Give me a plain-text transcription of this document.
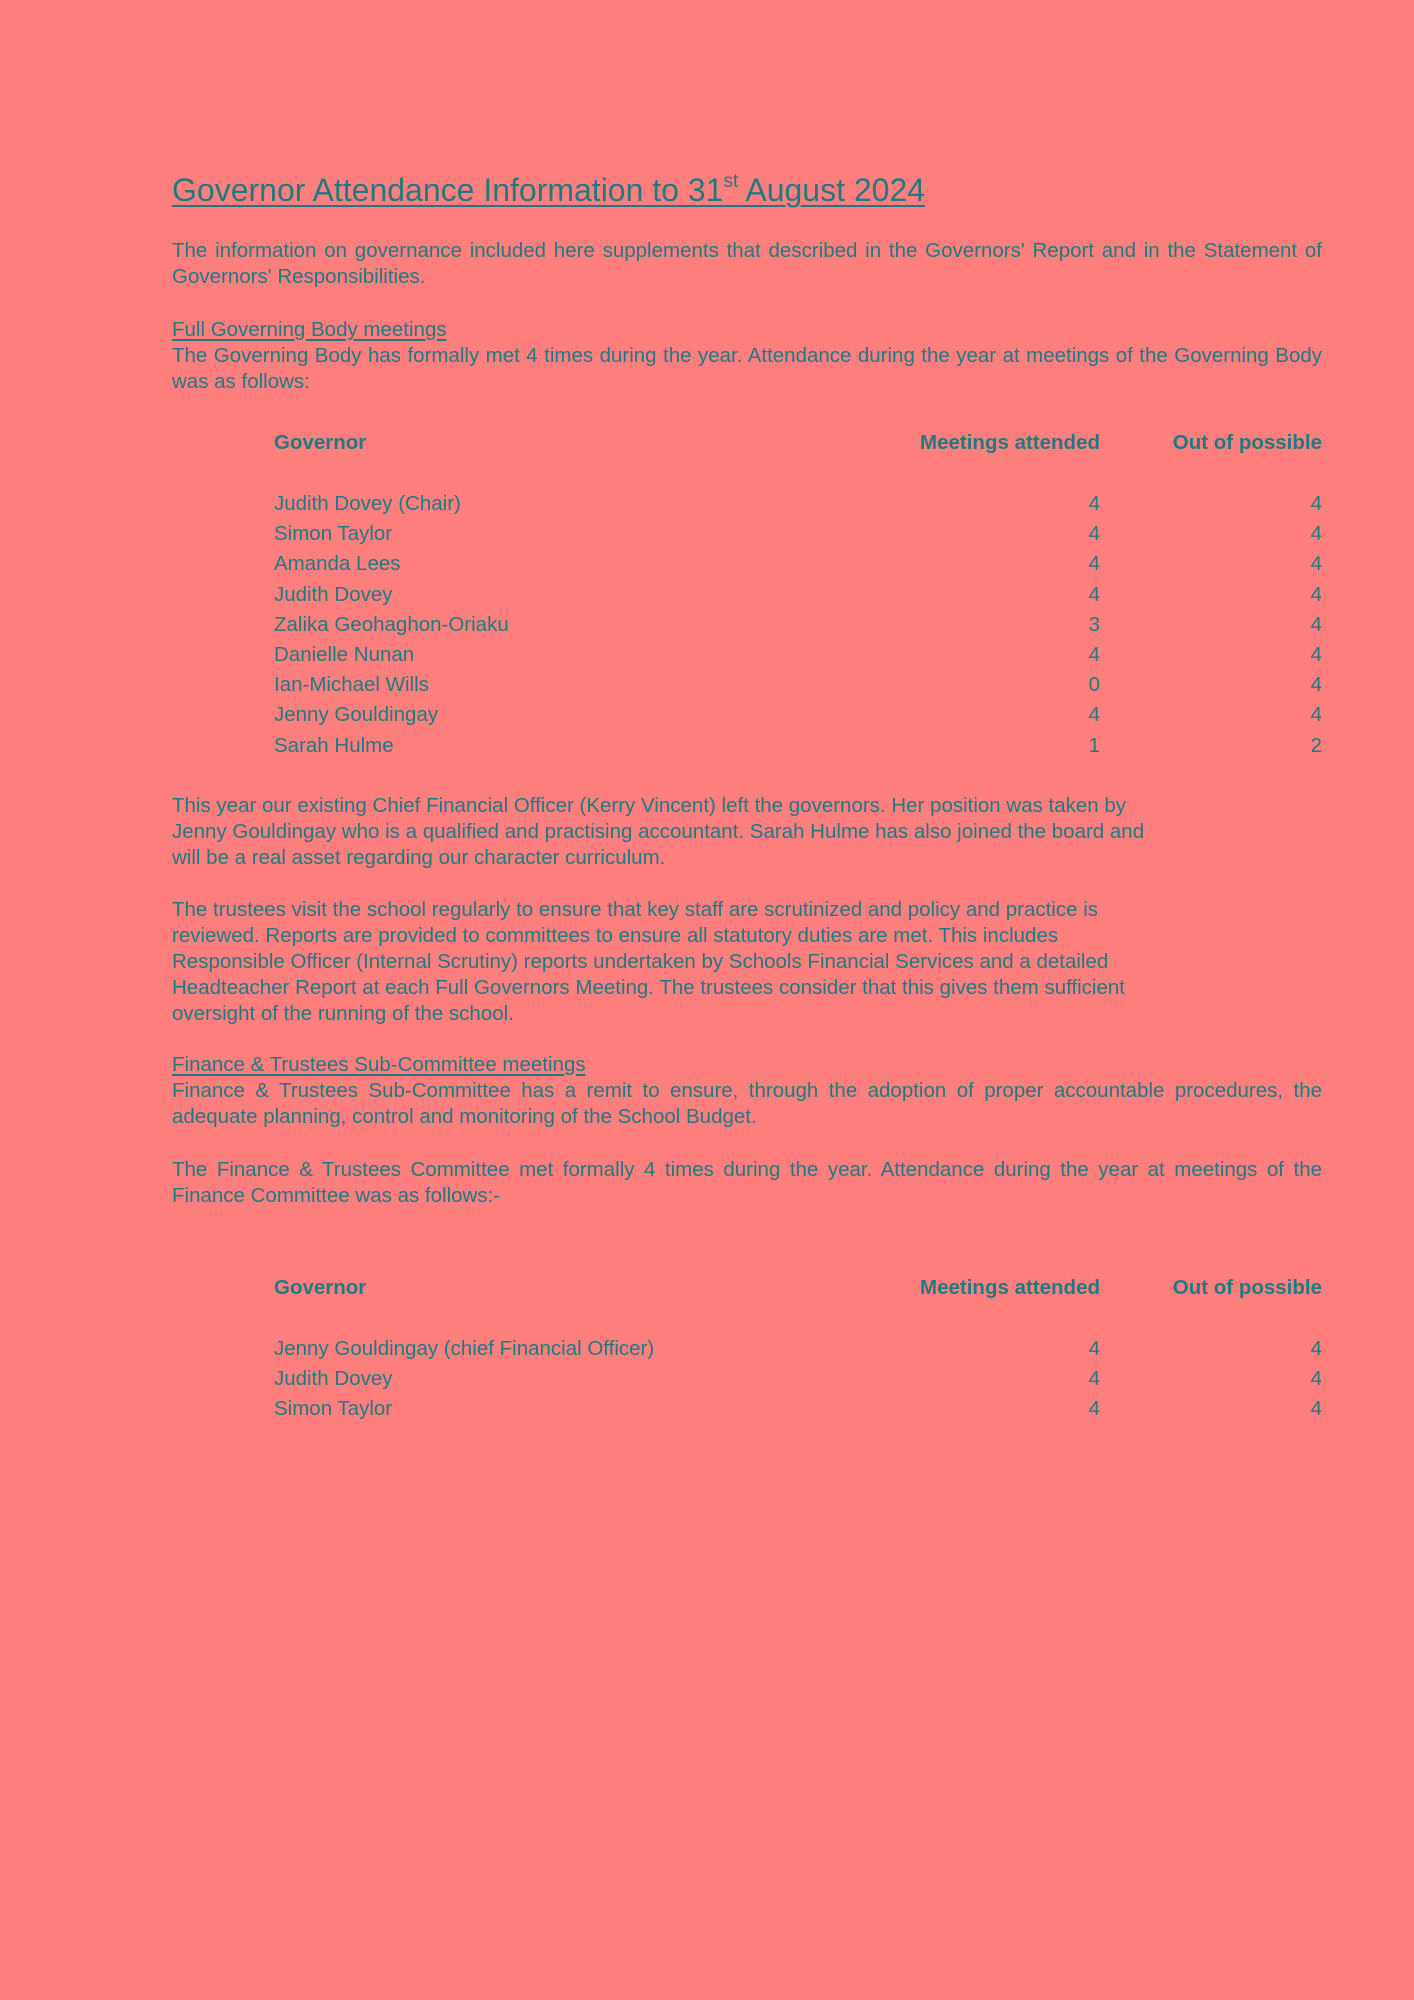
Governor Attendance Information to 31st August 2024

The information on governance included here supplements that described in the Governors' Report and in the Statement of Governors' Responsibilities.

Full Governing Body meetings

The Governing Body has formally met 4 times during the year. Attendance during the year at meetings of the Governing Body was as follows:

Governor	Meetings attended	Out of possible
Judith Dovey (Chair)	4	4
Simon Taylor	4	4
Amanda Lees	4	4
Judith Dovey	4	4
Zalika Geohaghon-Oriaku	3	4
Danielle Nunan	4	4
Ian-Michael Wills	0	4
Jenny Gouldingay	4	4
Sarah Hulme	1	2

This year our existing Chief Financial Officer (Kerry Vincent) left the governors. Her position was taken by
Jenny Gouldingay who is a qualified and practising accountant. Sarah Hulme has also joined the board and
will be a real asset regarding our character curriculum.

The trustees visit the school regularly to ensure that key staff are scrutinized and policy and practice is
reviewed. Reports are provided to committees to ensure all statutory duties are met. This includes
Responsible Officer (Internal Scrutiny) reports undertaken by Schools Financial Services and a detailed
Headteacher Report at each Full Governors Meeting. The trustees consider that this gives them sufficient
oversight of the running of the school.

Finance & Trustees Sub-Committee meetings

Finance & Trustees Sub-Committee has a remit to ensure, through the adoption of proper accountable procedures, the adequate planning, control and monitoring of the School Budget.

The Finance & Trustees Committee met formally 4 times during the year. Attendance during the year at meetings of the Finance Committee was as follows:-

Governor	Meetings attended	Out of possible
Jenny Gouldingay (chief Financial Officer)	4	4
Judith Dovey	4	4
Simon Taylor	4	4
